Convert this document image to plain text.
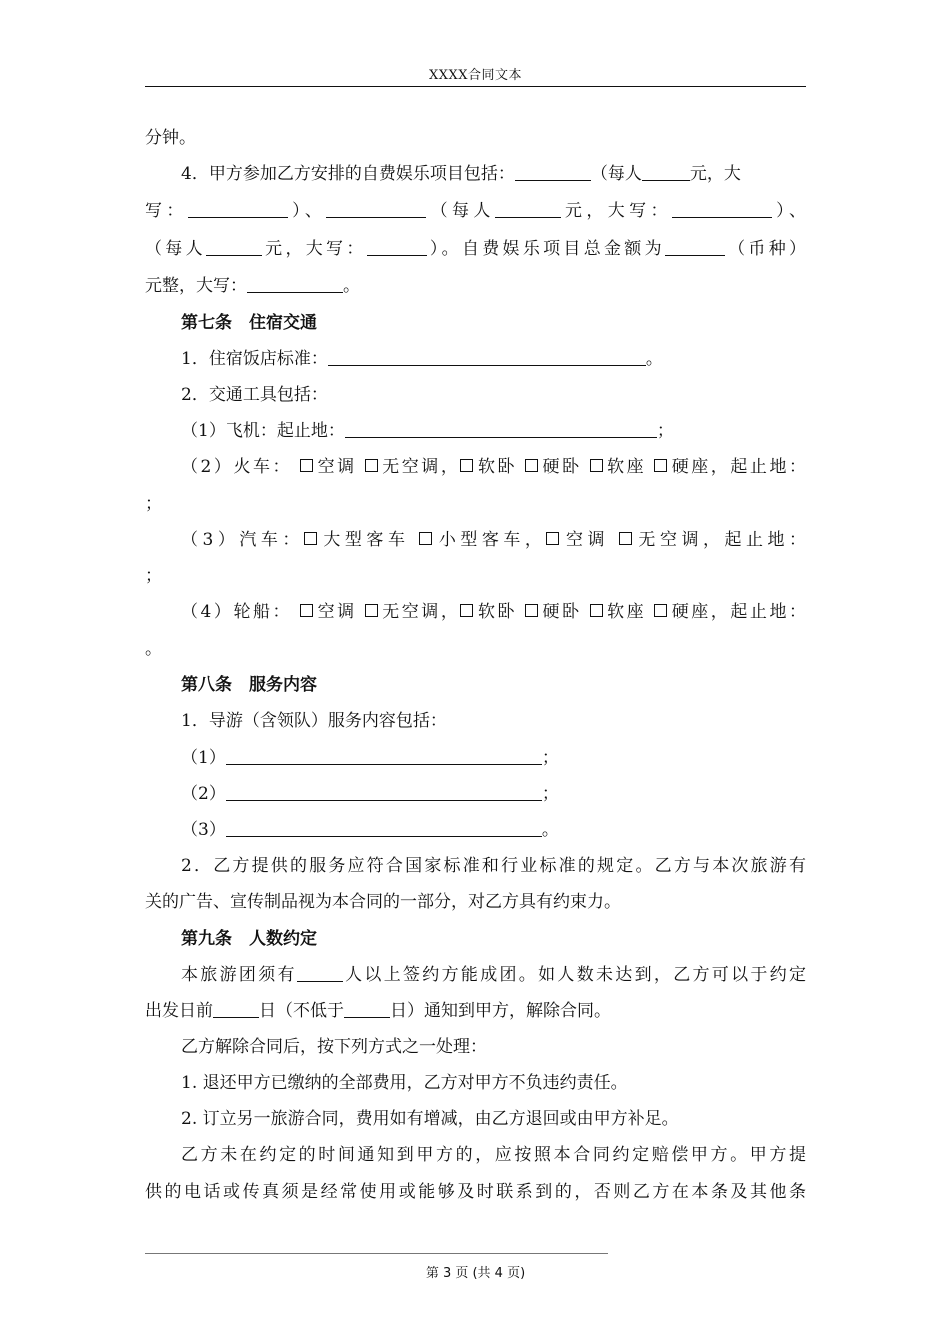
XXXX合同文本
分钟。
4．甲方参加乙方安排的自费娱乐项目包括：	（每人	元，大
写：	）、	（每人	元，大写：	）、
（每人	元，大写：	）。自费娱乐项目总金额为	（币种）
元整，大写：	。
第七条　住宿交通
1．住宿饭店标准：	。
2．交通工具包括：
（1）飞机：起止地：	；
（2）火车： 空调 无空调， 软卧 硬卧 软座 硬座，起止地：
；
（3）汽车： 大型客车 小型客车， 空调 无空调，起止地：
；
（4）轮船： 空调 无空调， 软卧 硬卧 软座 硬座，起止地：
。
第八条　服务内容
1．导游（含领队）服务内容包括：
（1）	；
（2）	；
（3）	。
2．乙方提供的服务应符合国家标准和行业标准的规定。乙方与本次旅游有
关的广告、宣传制品视为本合同的一部分，对乙方具有约束力。
第九条　人数约定
本旅游团须有	人以上签约方能成团。如人数未达到，乙方可以于约定
出发日前	日（不低于	日）通知到甲方，解除合同。
乙方解除合同后，按下列方式之一处理：
1. 退还甲方已缴纳的全部费用，乙方对甲方不负违约责任。
2. 订立另一旅游合同，费用如有增减，由乙方退回或由甲方补足。
乙方未在约定的时间通知到甲方的，应按照本合同约定赔偿甲方。甲方提
供的电话或传真须是经常使用或能够及时联系到的，否则乙方在本条及其他条
第 3 页 (共 4 页)
